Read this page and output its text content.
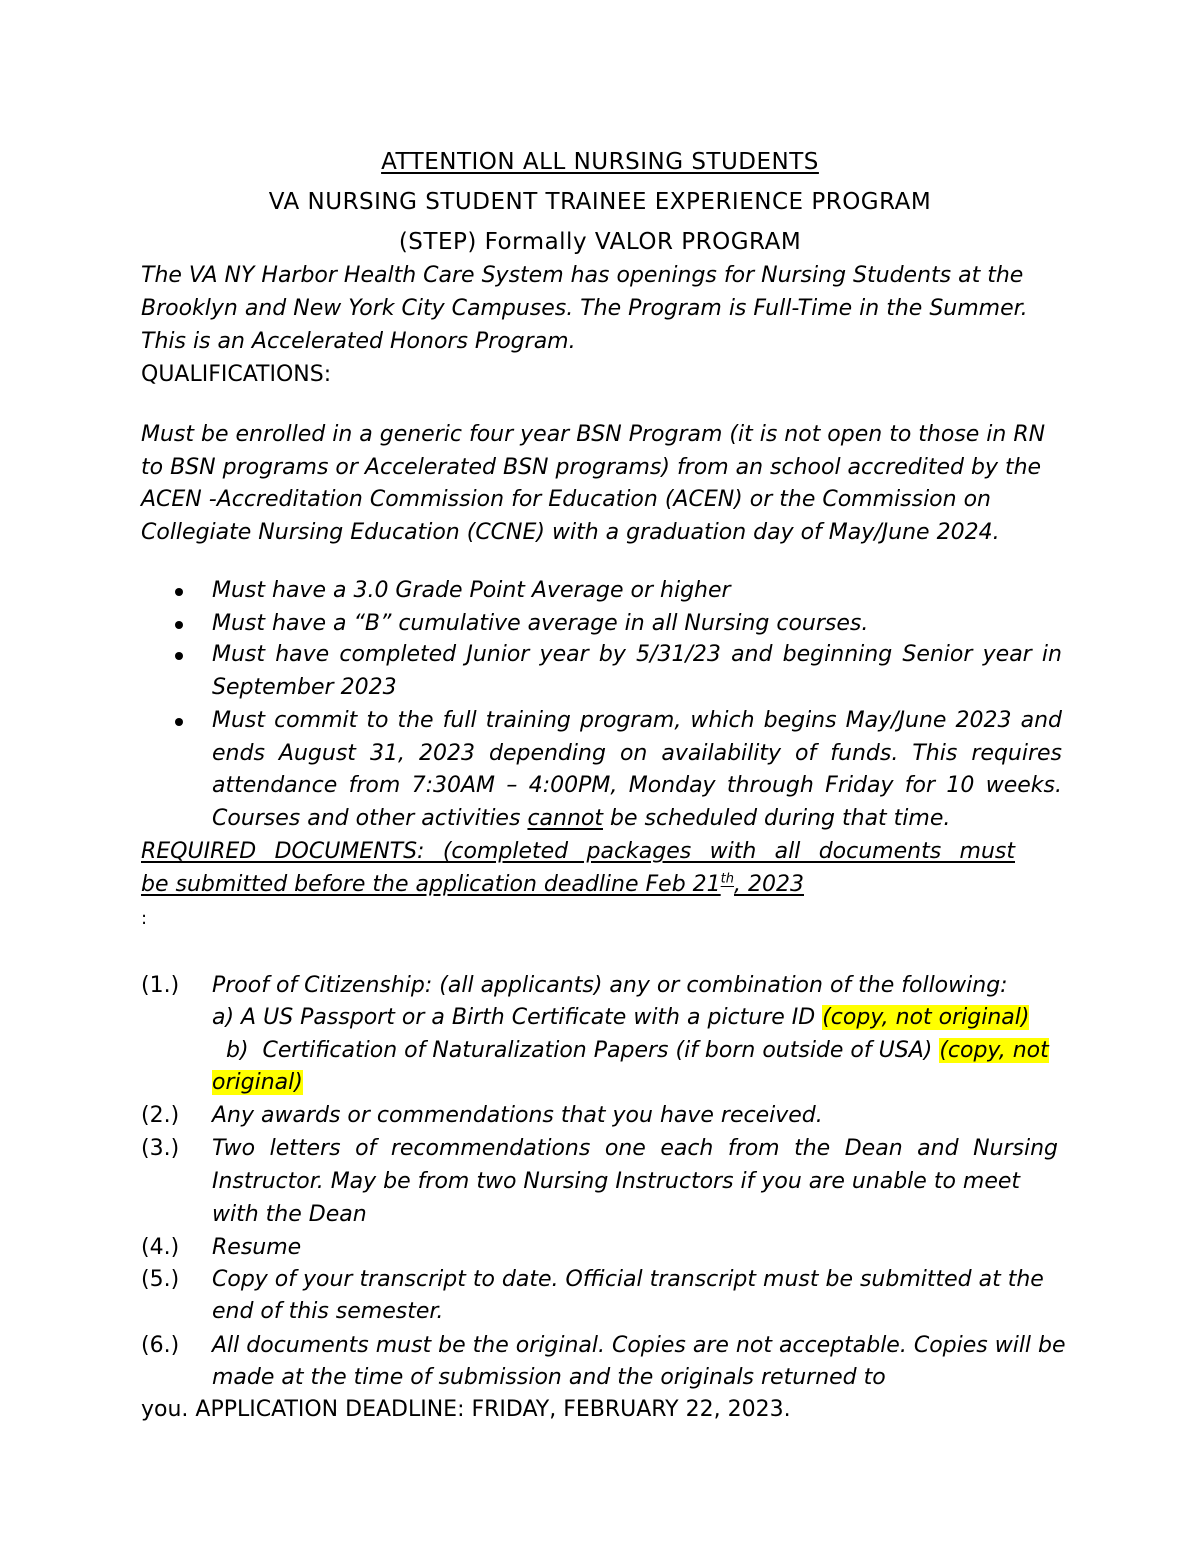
ATTENTION ALL NURSING STUDENTS
VA NURSING STUDENT TRAINEE EXPERIENCE PROGRAM
(STEP) Formally VALOR PROGRAM
The VA NY Harbor Health Care System has openings for Nursing Students at the
Brooklyn and New York City Campuses. The Program is Full-Time in the Summer.
This is an Accelerated Honors Program.
QUALIFICATIONS:
Must be enrolled in a generic four year BSN Program (it is not open to those in RN
to BSN programs or Accelerated BSN programs) from an school accredited by the
ACEN -Accreditation Commission for Education (ACEN) or the Commission on
Collegiate Nursing Education (CCNE) with a graduation day of May/June 2024.
Must have a 3.0 Grade Point Average or higher
Must have a “B” cumulative average in all Nursing courses.
Must have completed Junior year by 5/31/23 and beginning Senior year in
September 2023
Must commit to the full training program, which begins May/June 2023 and
ends August 31, 2023 depending on availability of funds. This requires
attendance from 7:30AM – 4:00PM, Monday through Friday for 10 weeks.
Courses and other activities cannot be scheduled during that time.
REQUIRED DOCUMENTS: (completed packages with all documents must
be submitted before the application deadline Feb 21th, 2023
:
(1.) Proof of Citizenship: (all applicants) any or combination of the following:
a) A US Passport or a Birth Certificate with a picture ID (copy, not original)
b)  Certification of Naturalization Papers (if born outside of USA) (copy, not
original)
(2.) Any awards or commendations that you have received.
(3.) Two letters of recommendations one each from the Dean and Nursing
Instructor. May be from two Nursing Instructors if you are unable to meet
with the Dean
(4.) Resume
(5.) Copy of your transcript to date. Official transcript must be submitted at the
end of this semester.
(6.) All documents must be the original. Copies are not acceptable. Copies will be
made at the time of submission and the originals returned to
you. APPLICATION DEADLINE: FRIDAY, FEBRUARY 22, 2023.
